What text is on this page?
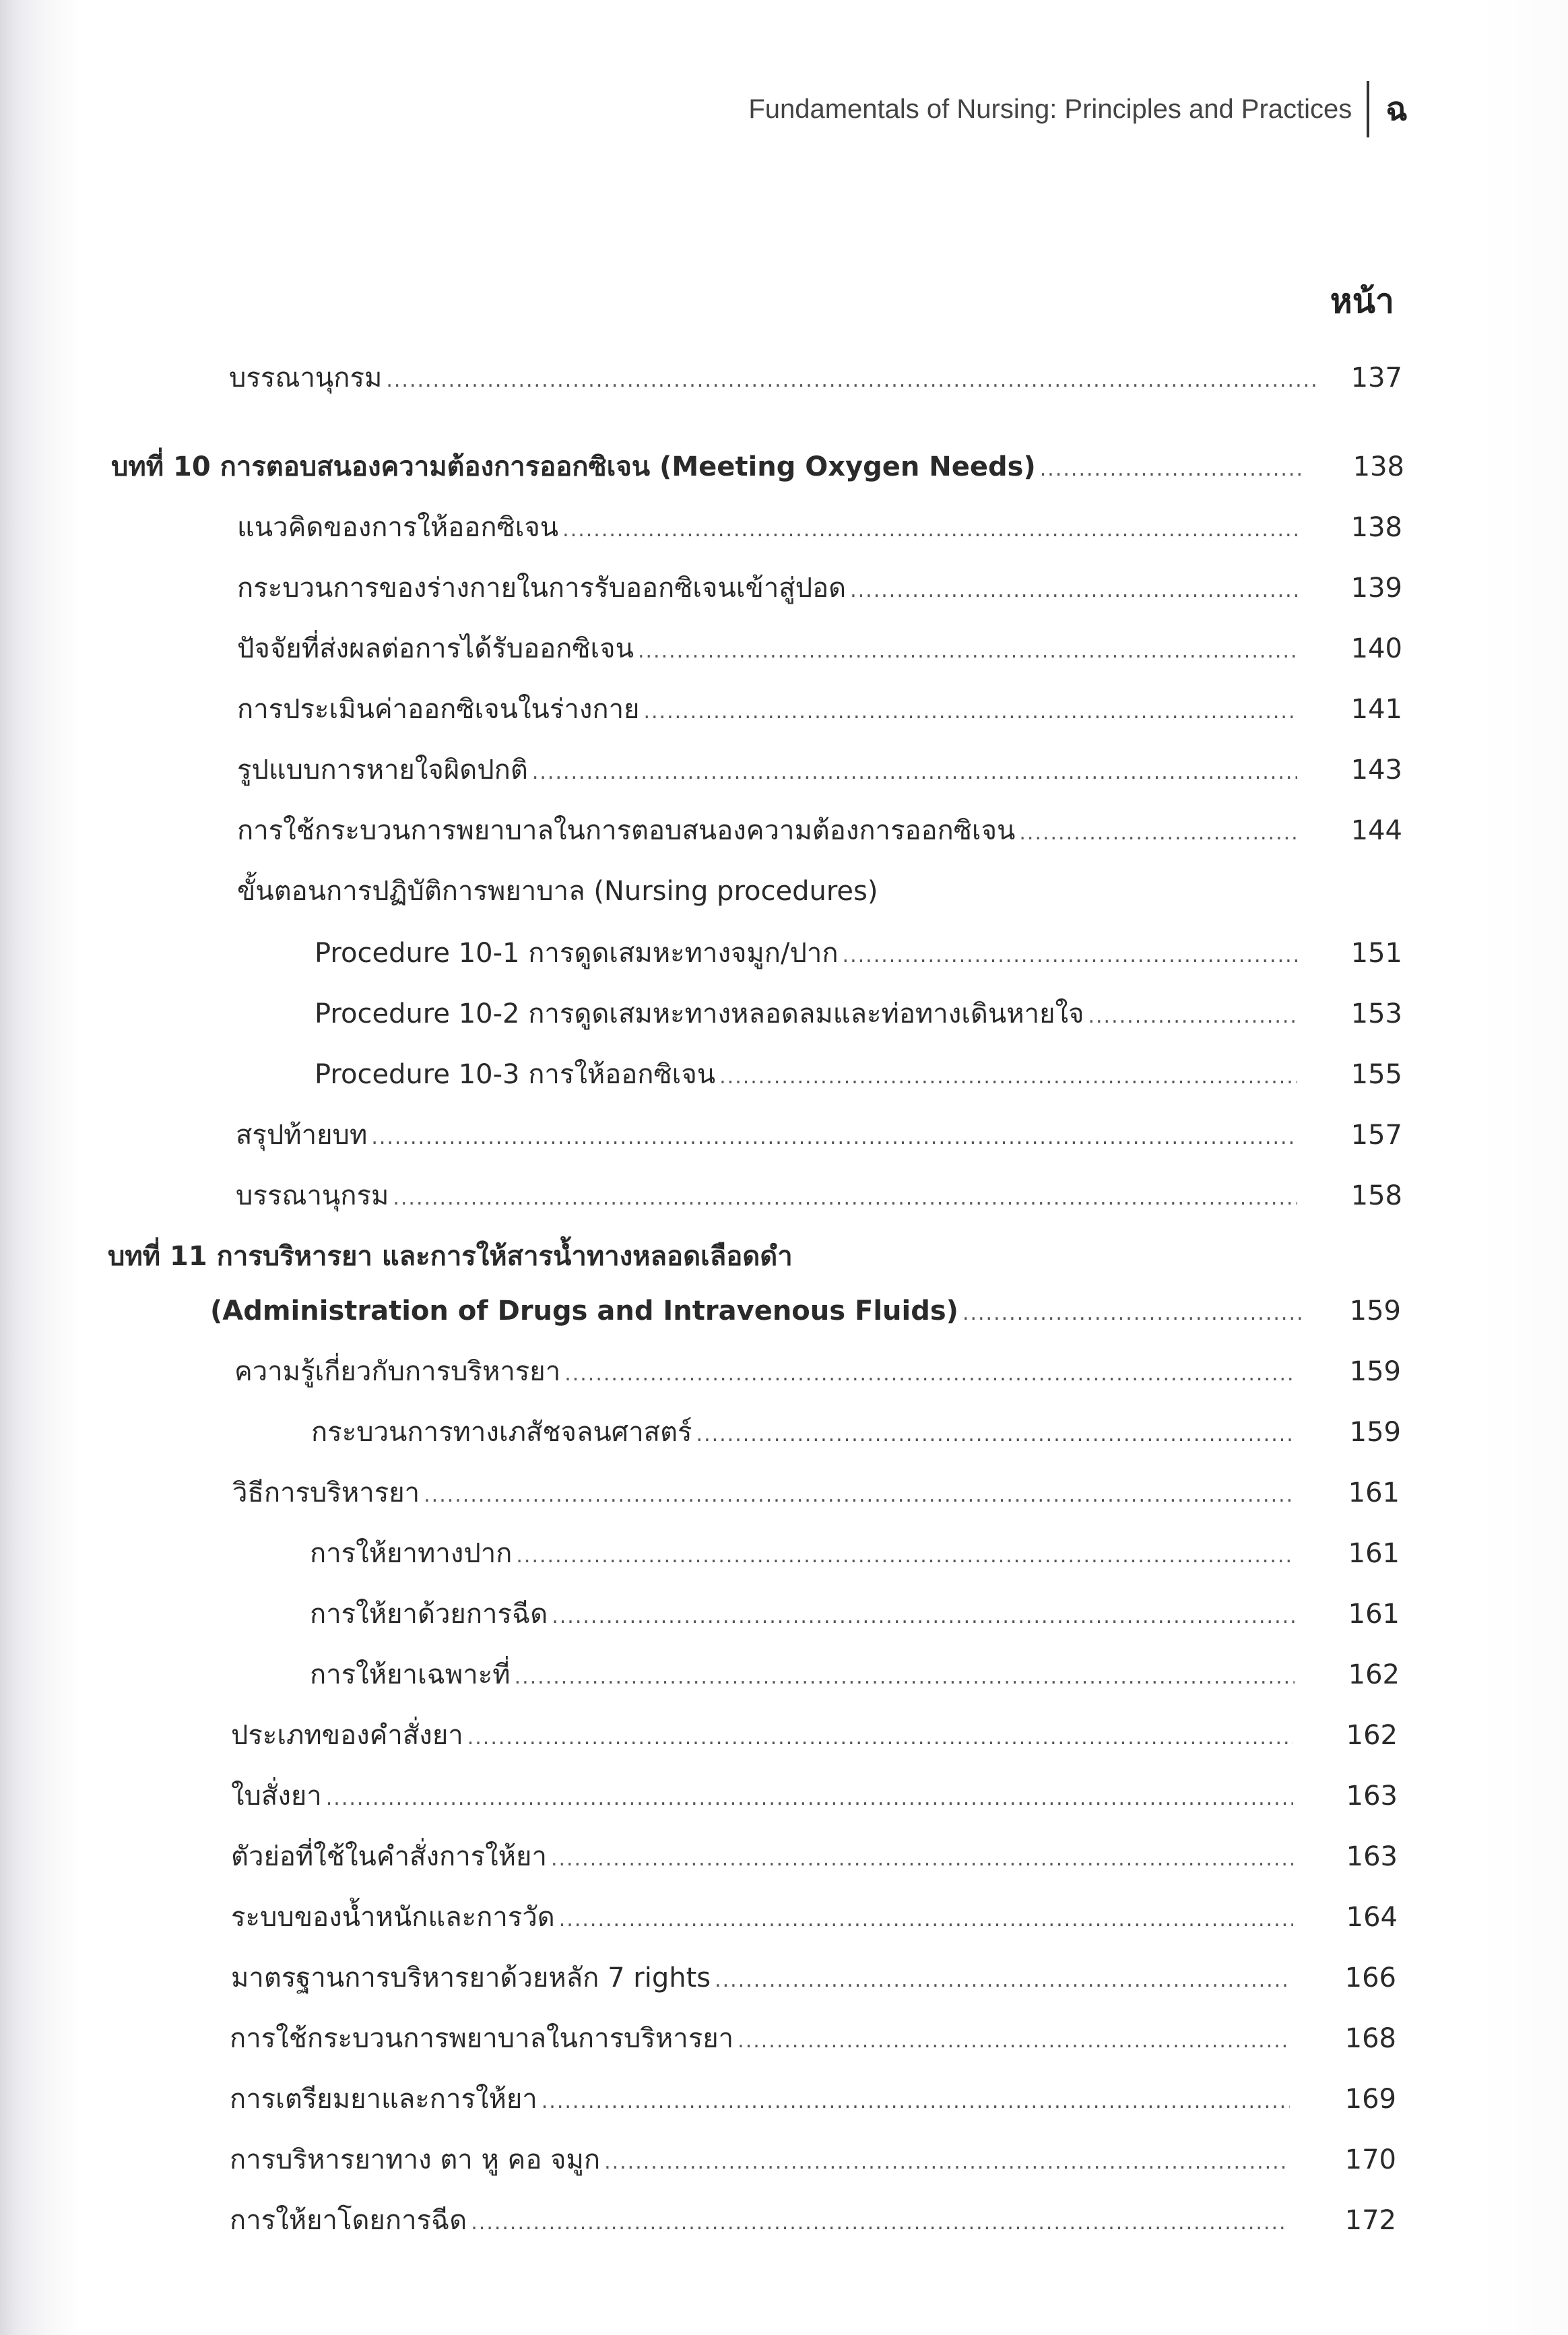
Fundamentals of Nursing: Principles and Practices ฉ
หน้า
บรรณานุกรม .....	137
บทที่ 10 การตอบสนองความต้องการออกซิเจน (Meeting Oxygen Needs) .....	138
แนวคิดของการให้ออกซิเจน .....	138
กระบวนการของร่างกายในการรับออกซิเจนเข้าสู่ปอด .....	139
ปัจจัยที่ส่งผลต่อการได้รับออกซิเจน .....	140
การประเมินค่าออกซิเจนในร่างกาย .....	141
รูปแบบการหายใจผิดปกติ .....	143
การใช้กระบวนการพยาบาลในการตอบสนองความต้องการออกซิเจน .....	144
ขั้นตอนการปฏิบัติการพยาบาล (Nursing procedures)
Procedure 10-1 การดูดเสมหะทางจมูก/ปาก .....	151
Procedure 10-2 การดูดเสมหะทางหลอดลมและท่อทางเดินหายใจ .....	153
Procedure 10-3 การให้ออกซิเจน .....	155
สรุปท้ายบท .....	157
บรรณานุกรม .....	158
บทที่ 11 การบริหารยา และการให้สารน้ำทางหลอดเลือดดำ
(Administration of Drugs and Intravenous Fluids) .....	159
ความรู้เกี่ยวกับการบริหารยา .....	159
กระบวนการทางเภสัชจลนศาสตร์ .....	159
วิธีการบริหารยา .....	161
การให้ยาทางปาก .....	161
การให้ยาด้วยการฉีด .....	161
การให้ยาเฉพาะที่ .....	162
ประเภทของคำสั่งยา .....	162
ใบสั่งยา .....	163
ตัวย่อที่ใช้ในคำสั่งการให้ยา .....	163
ระบบของน้ำหนักและการวัด .....	164
มาตรฐานการบริหารยาด้วยหลัก 7 rights .....	166
การใช้กระบวนการพยาบาลในการบริหารยา .....	168
การเตรียมยาและการให้ยา .....	169
การบริหารยาทาง ตา หู คอ จมูก .....	170
การให้ยาโดยการฉีด .....	172
